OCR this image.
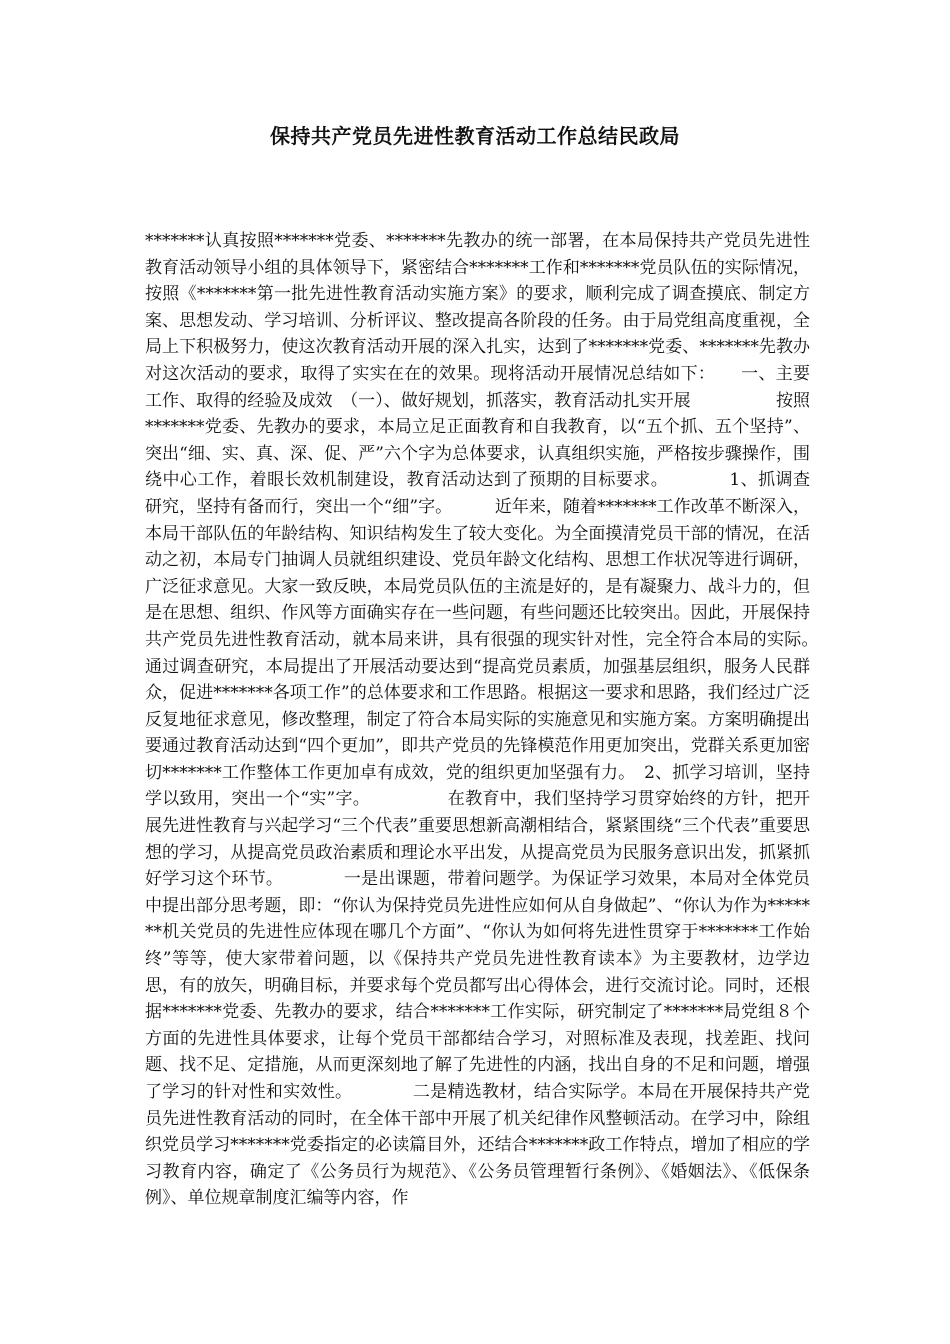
保持共产党员先进性教育活动工作总结民政局

*******认真按照*******党委、*******先教办的统一部署，在本局保持共产党员先进性教育活动领导小组的具体领导下，紧密结合*******工作和*******党员队伍的实际情况，按照《*******第一批先进性教育活动实施方案》的要求，顺利完成了调查摸底、制定方案、思想发动、学习培训、分析评议、整改提高各阶段的任务。由于局党组高度重视，全局上下积极努力，使这次教育活动开展的深入扎实，达到了*******党委、*******先教办对这次活动的要求，取得了实实在在的效果。现将活动开展情况总结如下：　　一、主要工作、取得的经验及成效　（一）、做好规划，抓落实，教育活动扎实开展　　　　　按照*******党委、先教办的要求，本局立足正面教育和自我教育，以“五个抓、五个坚持”、突出“细、实、真、深、促、严”六个字为总体要求，认真组织实施，严格按步骤操作，围绕中心工作，着眼长效机制建设，教育活动达到了预期的目标要求。　　　　1、抓调查研究，坚持有备而行，突出一个“细”字。　　　近年来，随着*******工作改革不断深入，本局干部队伍的年龄结构、知识结构发生了较大变化。为全面摸清党员干部的情况，在活动之初，本局专门抽调人员就组织建设、党员年龄文化结构、思想工作状况等进行调研，广泛征求意见。大家一致反映，本局党员队伍的主流是好的，是有凝聚力、战斗力的，但是在思想、组织、作风等方面确实存在一些问题，有些问题还比较突出。因此，开展保持共产党员先进性教育活动，就本局来讲，具有很强的现实针对性，完全符合本局的实际。　通过调查研究，本局提出了开展活动要达到“提高党员素质，加强基层组织，服务人民群众，促进*******各项工作”的总体要求和工作思路。根据这一要求和思路，我们经过广泛反复地征求意见，修改整理，制定了符合本局实际的实施意见和实施方案。方案明确提出要通过教育活动达到“四个更加”，即共产党员的先锋模范作用更加突出，党群关系更加密切*******工作整体工作更加卓有成效，党的组织更加坚强有力。　2、抓学习培训，坚持学以致用，突出一个“实”字。　　　　　在教育中，我们坚持学习贯穿始终的方针，把开展先进性教育与兴起学习“三个代表”重要思想新高潮相结合，紧紧围绕“三个代表”重要思想的学习，从提高党员政治素质和理论水平出发，从提高党员为民服务意识出发，抓紧抓好学习这个环节。　　　　一是出课题，带着问题学。为保证学习效果，本局对全体党员中提出部分思考题，即：“你认为保持党员先进性应如何从自身做起”、“你认为作为*******机关党员的先进性应体现在哪几个方面”、“你认为如何将先进性贯穿于*******工作始终”等等，使大家带着问题，以《保持共产党员先进性教育读本》为主要教材，边学边思，有的放矢，明确目标，并要求每个党员都写出心得体会，进行交流讨论。同时，还根据*******党委、先教办的要求，结合*******工作实际，研究制定了*******局党组８个方面的先进性具体要求，让每个党员干部都结合学习，对照标准及表现，找差距、找问题、找不足、定措施，从而更深刻地了解了先进性的内涵，找出自身的不足和问题，增强了学习的针对性和实效性。　　　　二是精选教材，结合实际学。本局在开展保持共产党员先进性教育活动的同时，在全体干部中开展了机关纪律作风整顿活动。在学习中，除组织党员学习*******党委指定的必读篇目外，还结合*******政工作特点，增加了相应的学习教育内容，确定了《公务员行为规范》、《公务员管理暂行条例》、《婚姻法》、《低保条例》、单位规章制度汇编等内容，作
